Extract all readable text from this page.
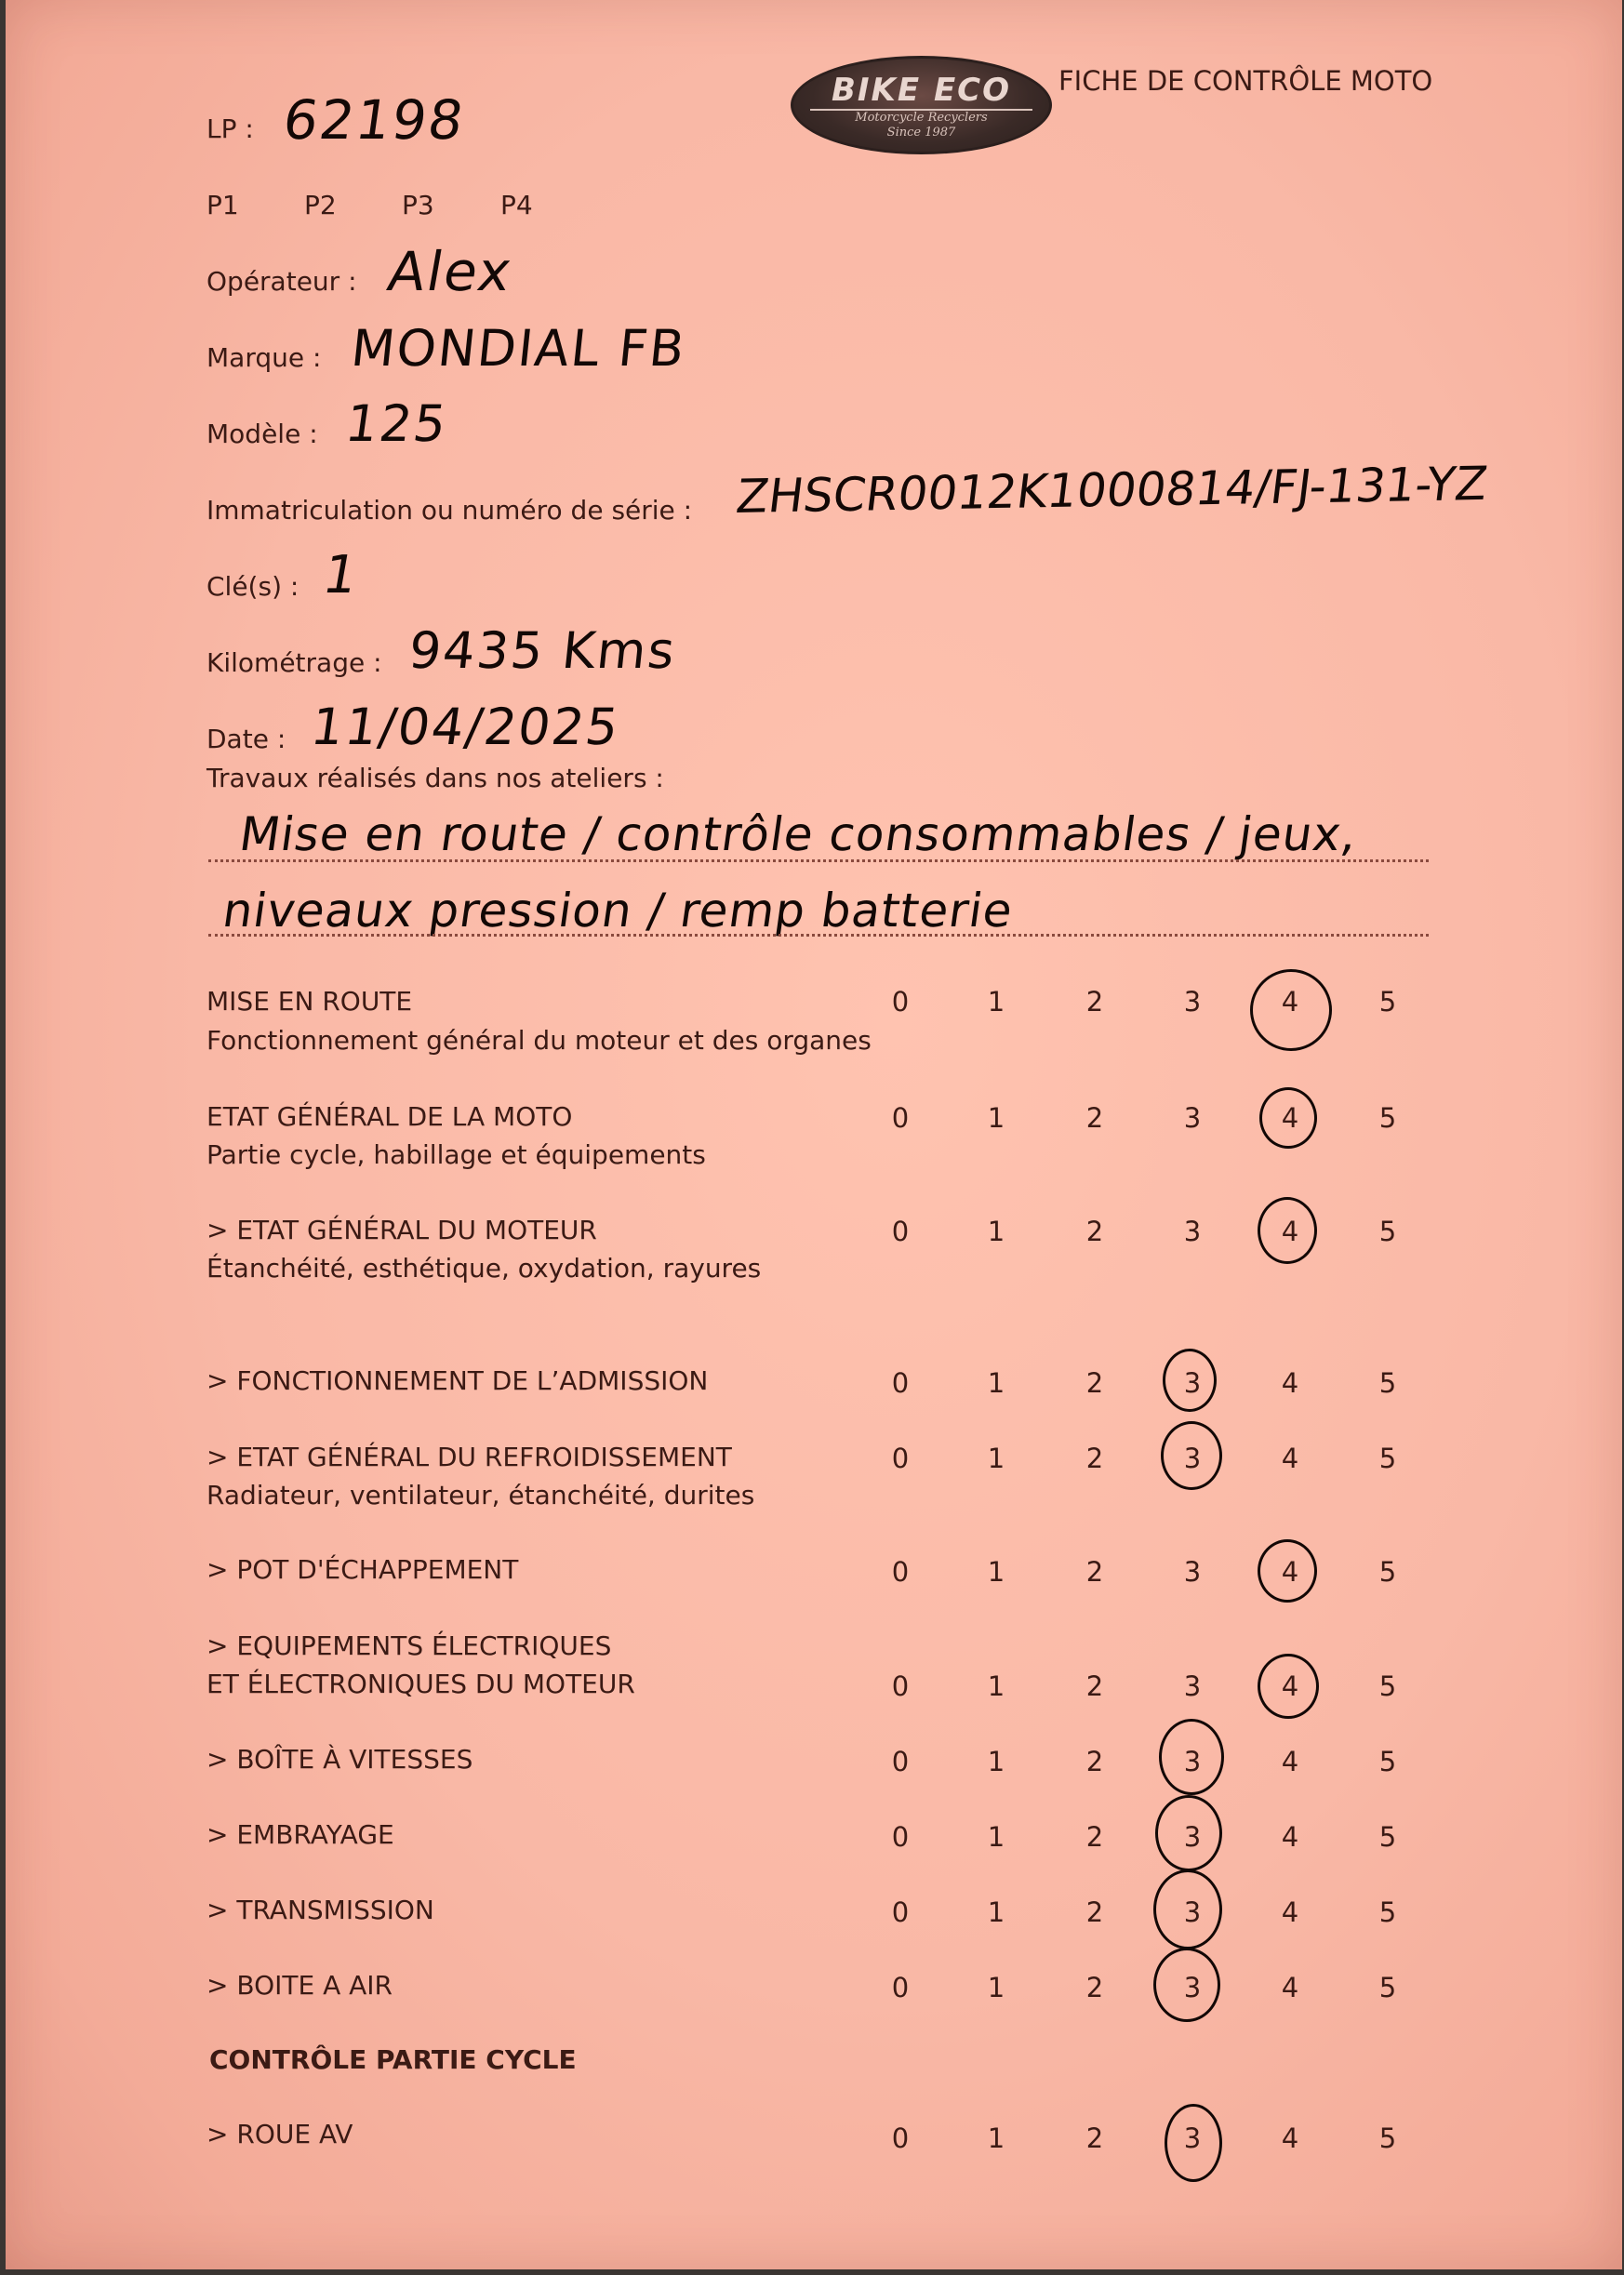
BIKE ECO
Motorcycle Recyclers
Since 1987
FICHE DE CONTRÔLE MOTO
LP : 62198
P1	P2	P3	P4
Opérateur : Alex
Marque : MONDIAL FB
Modèle : 125
Immatriculation ou numéro de série : ZHSCR0012K1000814/FJ-131-YZ
Clé(s) : 1
Kilométrage : 9435 Kms
Date : 11/04/2025
Travaux réalisés dans nos ateliers :
Mise en route / contrôle consommables / jeux,
niveaux pression / remp batterie
MISE EN ROUTE
Fonctionnement général du moteur et des organes
0	1	2	3	4	5
ETAT GÉNÉRAL DE LA MOTO
Partie cycle, habillage et équipements
0	1	2	3	4	5
> ETAT GÉNÉRAL DU MOTEUR
Étanchéité, esthétique, oxydation, rayures
0	1	2	3	4	5
> FONCTIONNEMENT DE L’ADMISSION	0	1	2	3	4	5
> ETAT GÉNÉRAL DU REFROIDISSEMENT
Radiateur, ventilateur, étanchéité, durites
0	1	2	3	4	5
> POT D'ÉCHAPPEMENT	0	1	2	3	4	5
> EQUIPEMENTS ÉLECTRIQUES
ET ÉLECTRONIQUES DU MOTEUR	0	1	2	3	4	5
> BOÎTE À VITESSES	0	1	2	3	4	5
> EMBRAYAGE	0	1	2	3	4	5
> TRANSMISSION	0	1	2	3	4	5
> BOITE A AIR	0	1	2	3	4	5
CONTRÔLE PARTIE CYCLE
> ROUE AV	0	1	2	3	4	5
